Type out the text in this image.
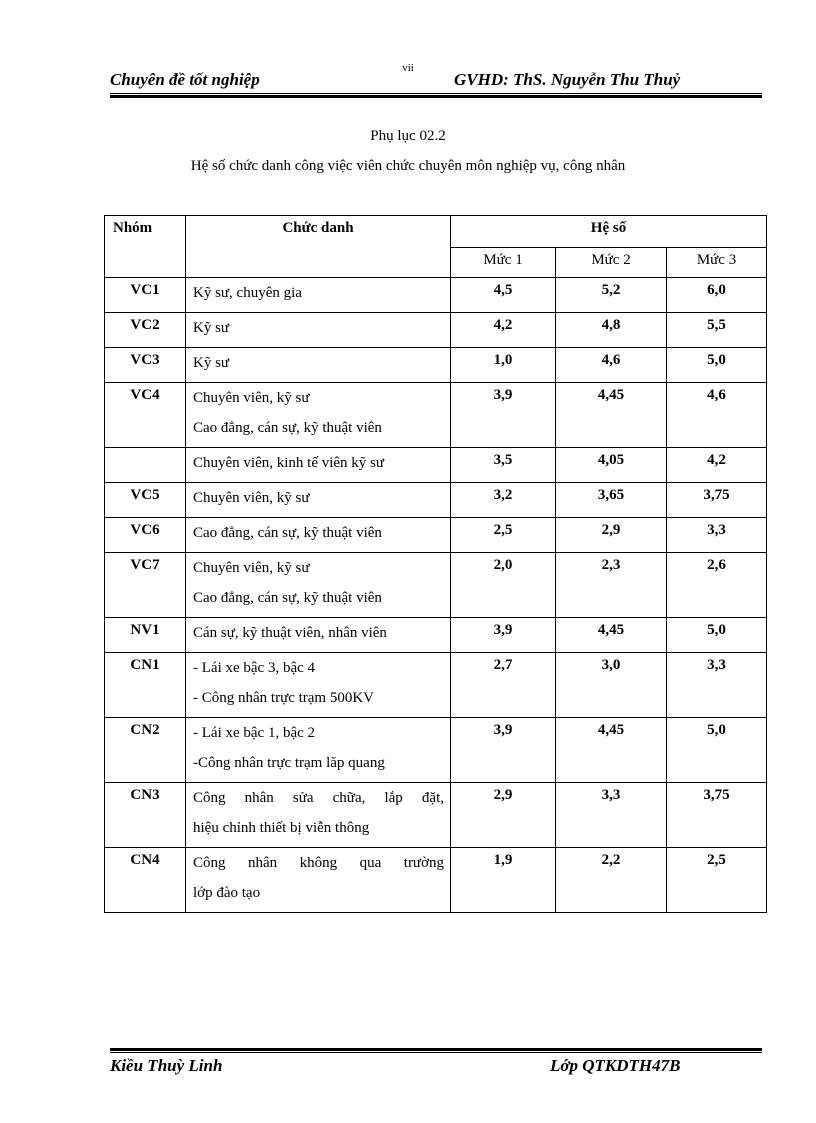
vii
Chuyên đề tốt nghiệp	GVHD: ThS. Nguyễn Thu Thuỷ
Phụ lục 02.2
Hệ số chức danh công việc viên chức chuyên môn nghiệp vụ, công nhân
Nhóm	Chức danh	Hệ số		
		Mức 1	Mức 2	Mức 3
VC1	Kỹ sư, chuyên gia	4,5	5,2	6,0
VC2	Kỹ sư	4,2	4,8	5,5
VC3	Kỹ sư	1,0	4,6	5,0
VC4	Chuyên viên, kỹ sư
Cao đẳng, cán sự, kỹ thuật viên	3,9	4,45	4,6

	Chuyên viên, kinh tế viên kỹ sư	3,5	4,05	4,2
VC5	Chuyên viên, kỹ sư	3,2	3,65	3,75
VC6	Cao đẳng, cán sự, kỹ thuật viên	2,5	2,9	3,3
VC7	Chuyên viên, kỹ sư
Cao đẳng, cán sự, kỹ thuật viên	2,0	2,3	2,6
NV1	Cán sự, kỹ thuật viên, nhân viên	3,9	4,45	5,0
CN1	- Lái xe bậc 3, bậc 4
- Công nhân trực trạm 500KV	2,7	3,0	3,3
CN2	- Lái xe bậc 1, bậc 2
-Công nhân trực trạm lăp quang	3,9	4,45	5,0
CN3	Công nhân sửa chữa, lắp đặt,
hiệu chỉnh thiết bị viễn thông	2,9	3,3	3,75
CN4	Công nhân không qua trường
lớp đào tạo	1,9	2,2	2,5
Kiều Thuỳ Linh	Lớp QTKDTH47B
